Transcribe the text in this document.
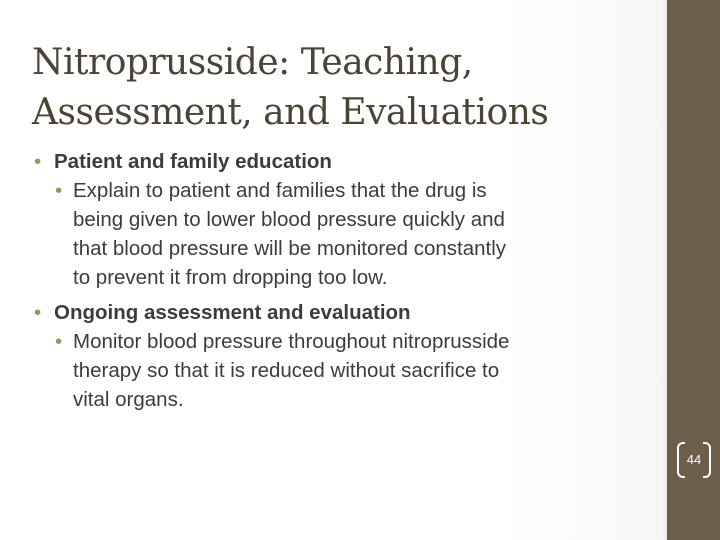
Nitroprusside: Teaching,
Assessment, and Evaluations
• Patient and family education
• Explain to patient and families that the drug is
being given to lower blood pressure quickly and
that blood pressure will be monitored constantly
to prevent it from dropping too low.
• Ongoing assessment and evaluation
• Monitor blood pressure throughout nitroprusside
therapy so that it is reduced without sacrifice to
vital organs.
44
